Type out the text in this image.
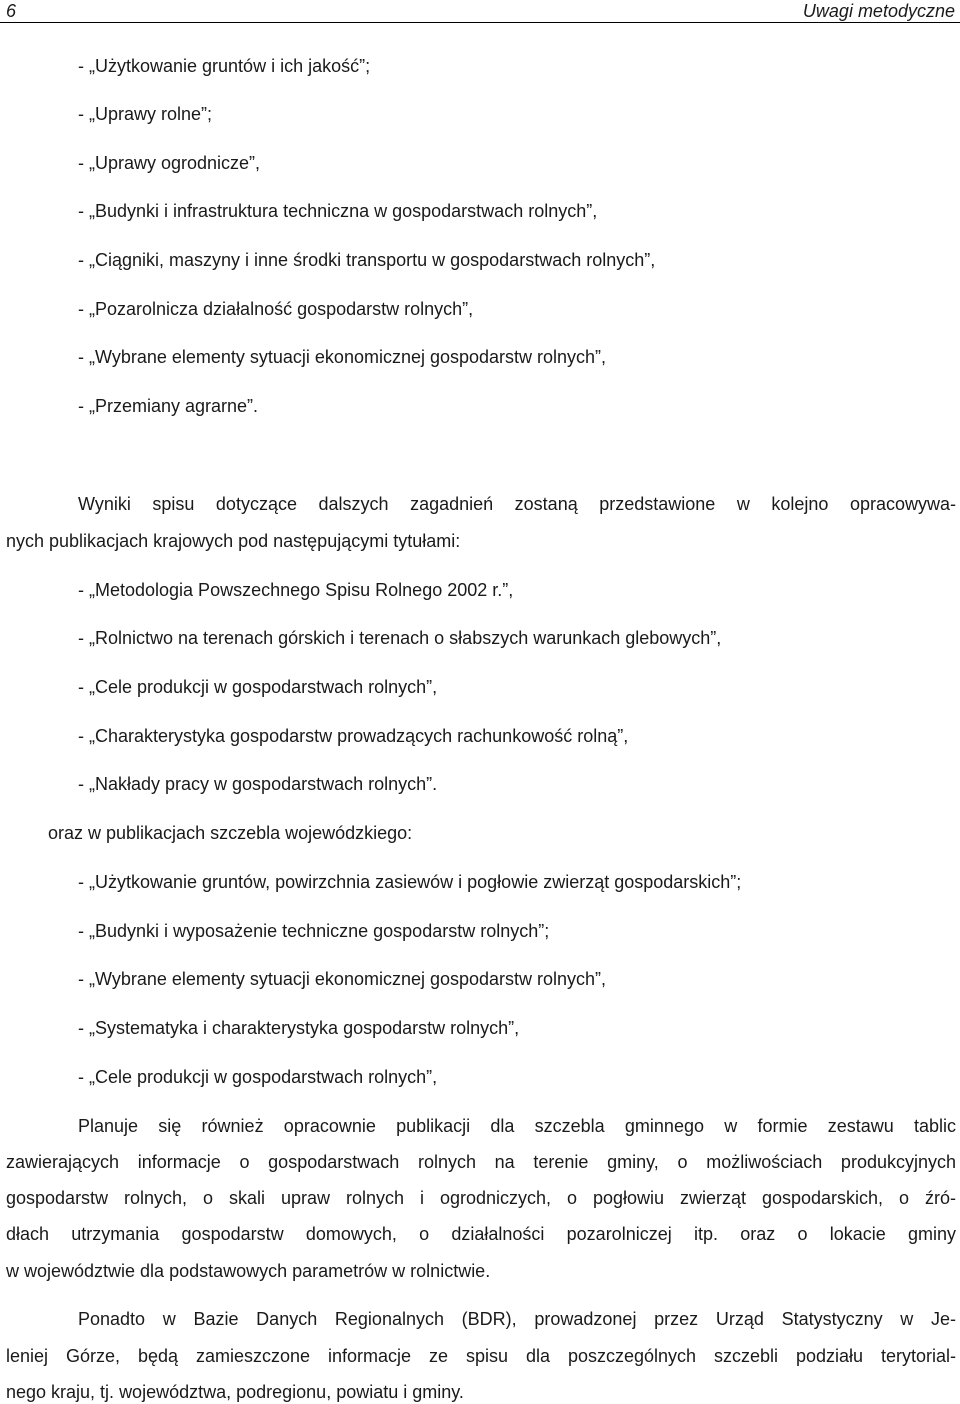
6	Uwagi metodyczne
- „Użytkowanie gruntów i ich jakość”;
- „Uprawy rolne”;
- „Uprawy ogrodnicze”,
- „Budynki i infrastruktura techniczna w gospodarstwach rolnych”,
- „Ciągniki, maszyny i inne środki transportu w gospodarstwach rolnych”,
- „Pozarolnicza działalność gospodarstw rolnych”,
- „Wybrane elementy sytuacji ekonomicznej gospodarstw rolnych”,
- „Przemiany agrarne”.
Wyniki spisu dotyczące dalszych zagadnień zostaną przedstawione w kolejno opracowywa-
nych publikacjach krajowych pod następującymi tytułami:
- „Metodologia Powszechnego Spisu Rolnego 2002 r.”,
- „Rolnictwo na terenach górskich i terenach o słabszych warunkach glebowych”,
- „Cele produkcji w gospodarstwach rolnych”,
- „Charakterystyka gospodarstw prowadzących rachunkowość rolną”,
- „Nakłady pracy w gospodarstwach rolnych”.
oraz w publikacjach szczebla wojewódzkiego:
- „Użytkowanie gruntów, powirzchnia zasiewów i pogłowie zwierząt gospodarskich”;
- „Budynki i wyposażenie techniczne gospodarstw rolnych”;
- „Wybrane elementy sytuacji ekonomicznej gospodarstw rolnych”,
- „Systematyka i charakterystyka gospodarstw rolnych”,
- „Cele produkcji w gospodarstwach rolnych”,
Planuje się również opracownie publikacji dla szczebla gminnego w formie zestawu tablic
zawierających informacje o gospodarstwach rolnych na terenie gminy, o możliwościach produkcyjnych
gospodarstw rolnych, o skali upraw rolnych i ogrodniczych, o pogłowiu zwierząt gospodarskich, o źró-
dłach utrzymania gospodarstw domowych, o działalności pozarolniczej itp. oraz o lokacie gminy
w województwie dla podstawowych parametrów w rolnictwie.
Ponadto w Bazie Danych Regionalnych (BDR), prowadzonej przez Urząd Statystyczny w Je-
leniej Górze, będą zamieszczone informacje ze spisu dla poszczególnych szczebli podziału terytorial-
nego kraju, tj. województwa, podregionu, powiatu i gminy.
